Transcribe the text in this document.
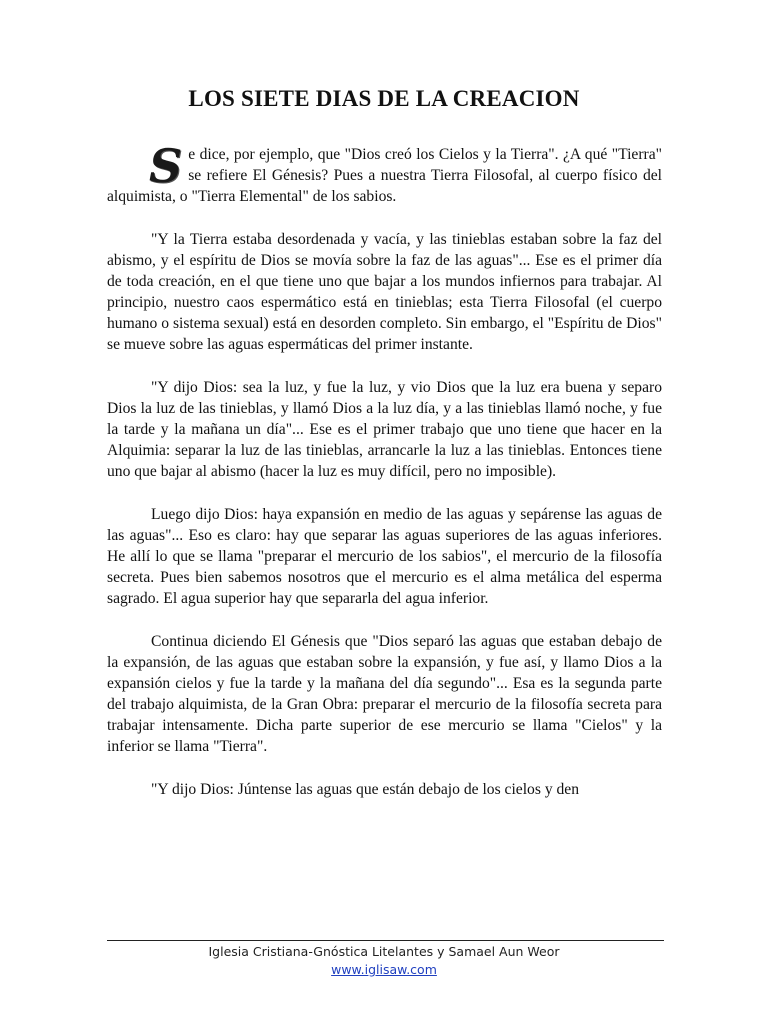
LOS SIETE DIAS DE LA CREACION

Se dice, por ejemplo, que "Dios creó los Cielos y la Tierra". ¿A qué "Tierra" se refiere El Génesis? Pues a nuestra Tierra Filosofal, al cuerpo físico del alquimista, o "Tierra Elemental" de los sabios.

"Y la Tierra estaba desordenada y vacía, y las tinieblas estaban sobre la faz del abismo, y el espíritu de Dios se movía sobre la faz de las aguas"... Ese es el primer día de toda creación, en el que tiene uno que bajar a los mundos infiernos para trabajar. Al principio, nuestro caos espermático está en tinieblas; esta Tierra Filosofal (el cuerpo humano o sistema sexual) está en desorden completo. Sin embargo, el "Espíritu de Dios" se mueve sobre las aguas espermáticas del primer instante.

"Y dijo Dios: sea la luz, y fue la luz, y vio Dios que la luz era buena y separo Dios la luz de las tinieblas, y llamó Dios a la luz día, y a las tinieblas llamó noche, y fue la tarde y la mañana un día"... Ese es el primer trabajo que uno tiene que hacer en la Alquimia: separar la luz de las tinieblas, arrancarle la luz a las tinieblas. Entonces tiene uno que bajar al abismo (hacer la luz es muy difícil, pero no imposible).

Luego dijo Dios: haya expansión en medio de las aguas y sepárense las aguas de las aguas"... Eso es claro: hay que separar las aguas superiores de las aguas inferiores. He allí lo que se llama "preparar el mercurio de los sabios", el mercurio de la filosofía secreta. Pues bien sabemos nosotros que el mercurio es el alma metálica del esperma sagrado. El agua superior hay que separarla del agua inferior.

Continua diciendo El Génesis que "Dios separó las aguas que estaban debajo de la expansión, de las aguas que estaban sobre la expansión, y fue así, y llamo Dios a la expansión cielos y fue la tarde y la mañana del día segundo"... Esa es la segunda parte del trabajo alquimista, de la Gran Obra: preparar el mercurio de la filosofía secreta para trabajar intensamente. Dicha parte superior de ese mercurio se llama "Cielos" y la inferior se llama "Tierra".

"Y dijo Dios: Júntense las aguas que están debajo de los cielos y den

Iglesia Cristiana-Gnóstica Litelantes y Samael Aun Weor

www.iglisaw.com
